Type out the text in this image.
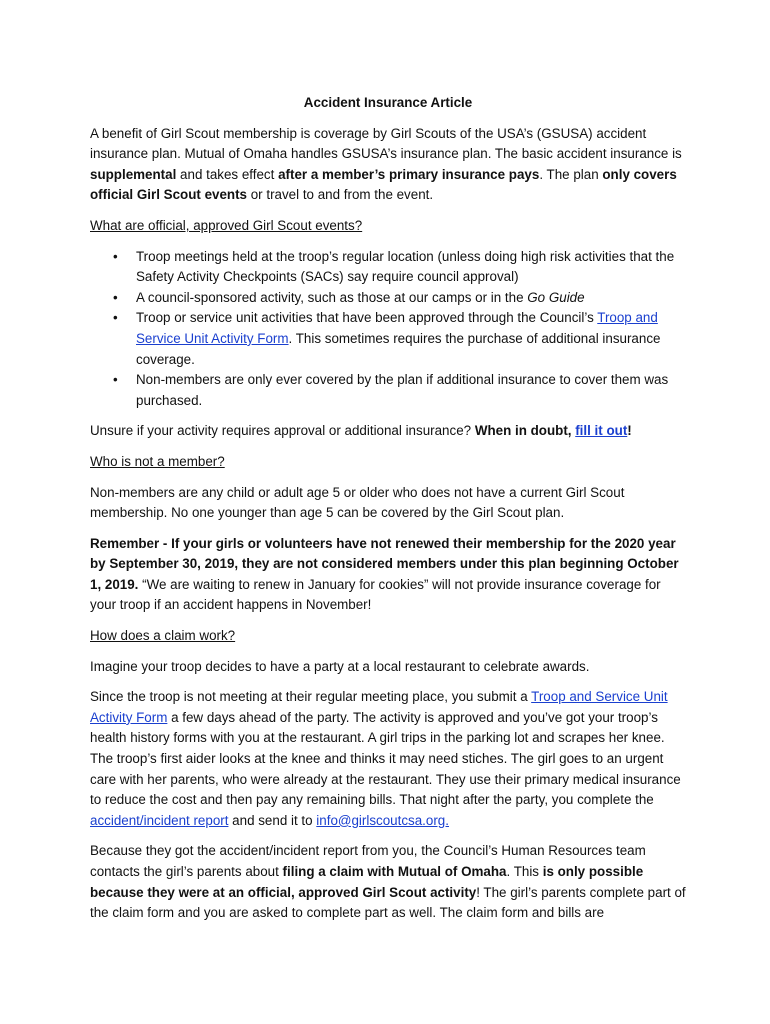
Accident Insurance Article

A benefit of Girl Scout membership is coverage by Girl Scouts of the USA’s (GSUSA) accident insurance plan. Mutual of Omaha handles GSUSA’s insurance plan. The basic accident insurance is supplemental and takes effect after a member’s primary insurance pays. The plan only covers official Girl Scout events or travel to and from the event.

What are official, approved Girl Scout events?

• Troop meetings held at the troop’s regular location (unless doing high risk activities that the Safety Activity Checkpoints (SACs) say require council approval)
• A council-sponsored activity, such as those at our camps or in the Go Guide
• Troop or service unit activities that have been approved through the Council’s Troop and Service Unit Activity Form. This sometimes requires the purchase of additional insurance coverage.
• Non-members are only ever covered by the plan if additional insurance to cover them was purchased.

Unsure if your activity requires approval or additional insurance? When in doubt, fill it out!

Who is not a member?

Non-members are any child or adult age 5 or older who does not have a current Girl Scout membership. No one younger than age 5 can be covered by the Girl Scout plan.

Remember - If your girls or volunteers have not renewed their membership for the 2020 year by September 30, 2019, they are not considered members under this plan beginning October 1, 2019. “We are waiting to renew in January for cookies” will not provide insurance coverage for your troop if an accident happens in November!

How does a claim work?

Imagine your troop decides to have a party at a local restaurant to celebrate awards.

Since the troop is not meeting at their regular meeting place, you submit a Troop and Service Unit Activity Form a few days ahead of the party. The activity is approved and you’ve got your troop’s health history forms with you at the restaurant. A girl trips in the parking lot and scrapes her knee. The troop’s first aider looks at the knee and thinks it may need stiches. The girl goes to an urgent care with her parents, who were already at the restaurant. They use their primary medical insurance to reduce the cost and then pay any remaining bills. That night after the party, you complete the accident/incident report and send it to info@girlscoutcsa.org.

Because they got the accident/incident report from you, the Council’s Human Resources team contacts the girl’s parents about filing a claim with Mutual of Omaha. This is only possible because they were at an official, approved Girl Scout activity! The girl’s parents complete part of the claim form and you are asked to complete part as well. The claim form and bills are
